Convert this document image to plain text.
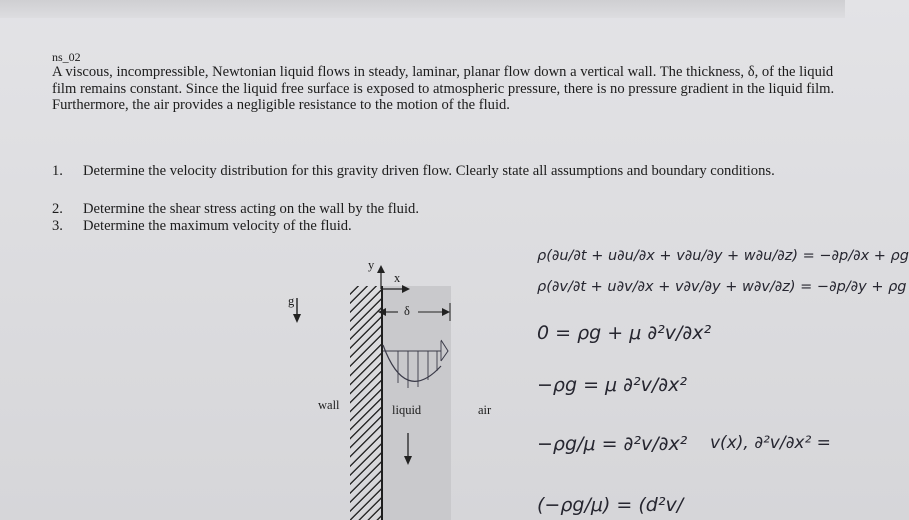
ns_02
A viscous, incompressible, Newtonian liquid flows in steady, laminar, planar flow down a vertical wall. The thickness, δ, of the liquid film remains constant. Since the liquid free surface is exposed to atmospheric pressure, there is no pressure gradient in the liquid film. Furthermore, the air provides a negligible resistance to the motion of the fluid.
1. Determine the velocity distribution for this gravity driven flow. Clearly state all assumptions and boundary conditions.
2. Determine the shear stress acting on the wall by the fluid.
3. Determine the maximum velocity of the fluid.
g
y
x
δ
wall	liquid	air
ρ(∂u/∂t + u∂u/∂x + v∂u/∂y + w∂u/∂z) = −∂p/∂x + ρg
ρ(∂v/∂t + u∂v/∂x + v∂v/∂y + w∂v/∂z) = −∂p/∂y + ρg
0 = ρg + μ ∂²v/∂x²
−ρg = μ ∂²v/∂x²
−ρg/μ = ∂²v/∂x² v(x), ∂²v/∂x² =
(−ρg/μ) = (d²v/
